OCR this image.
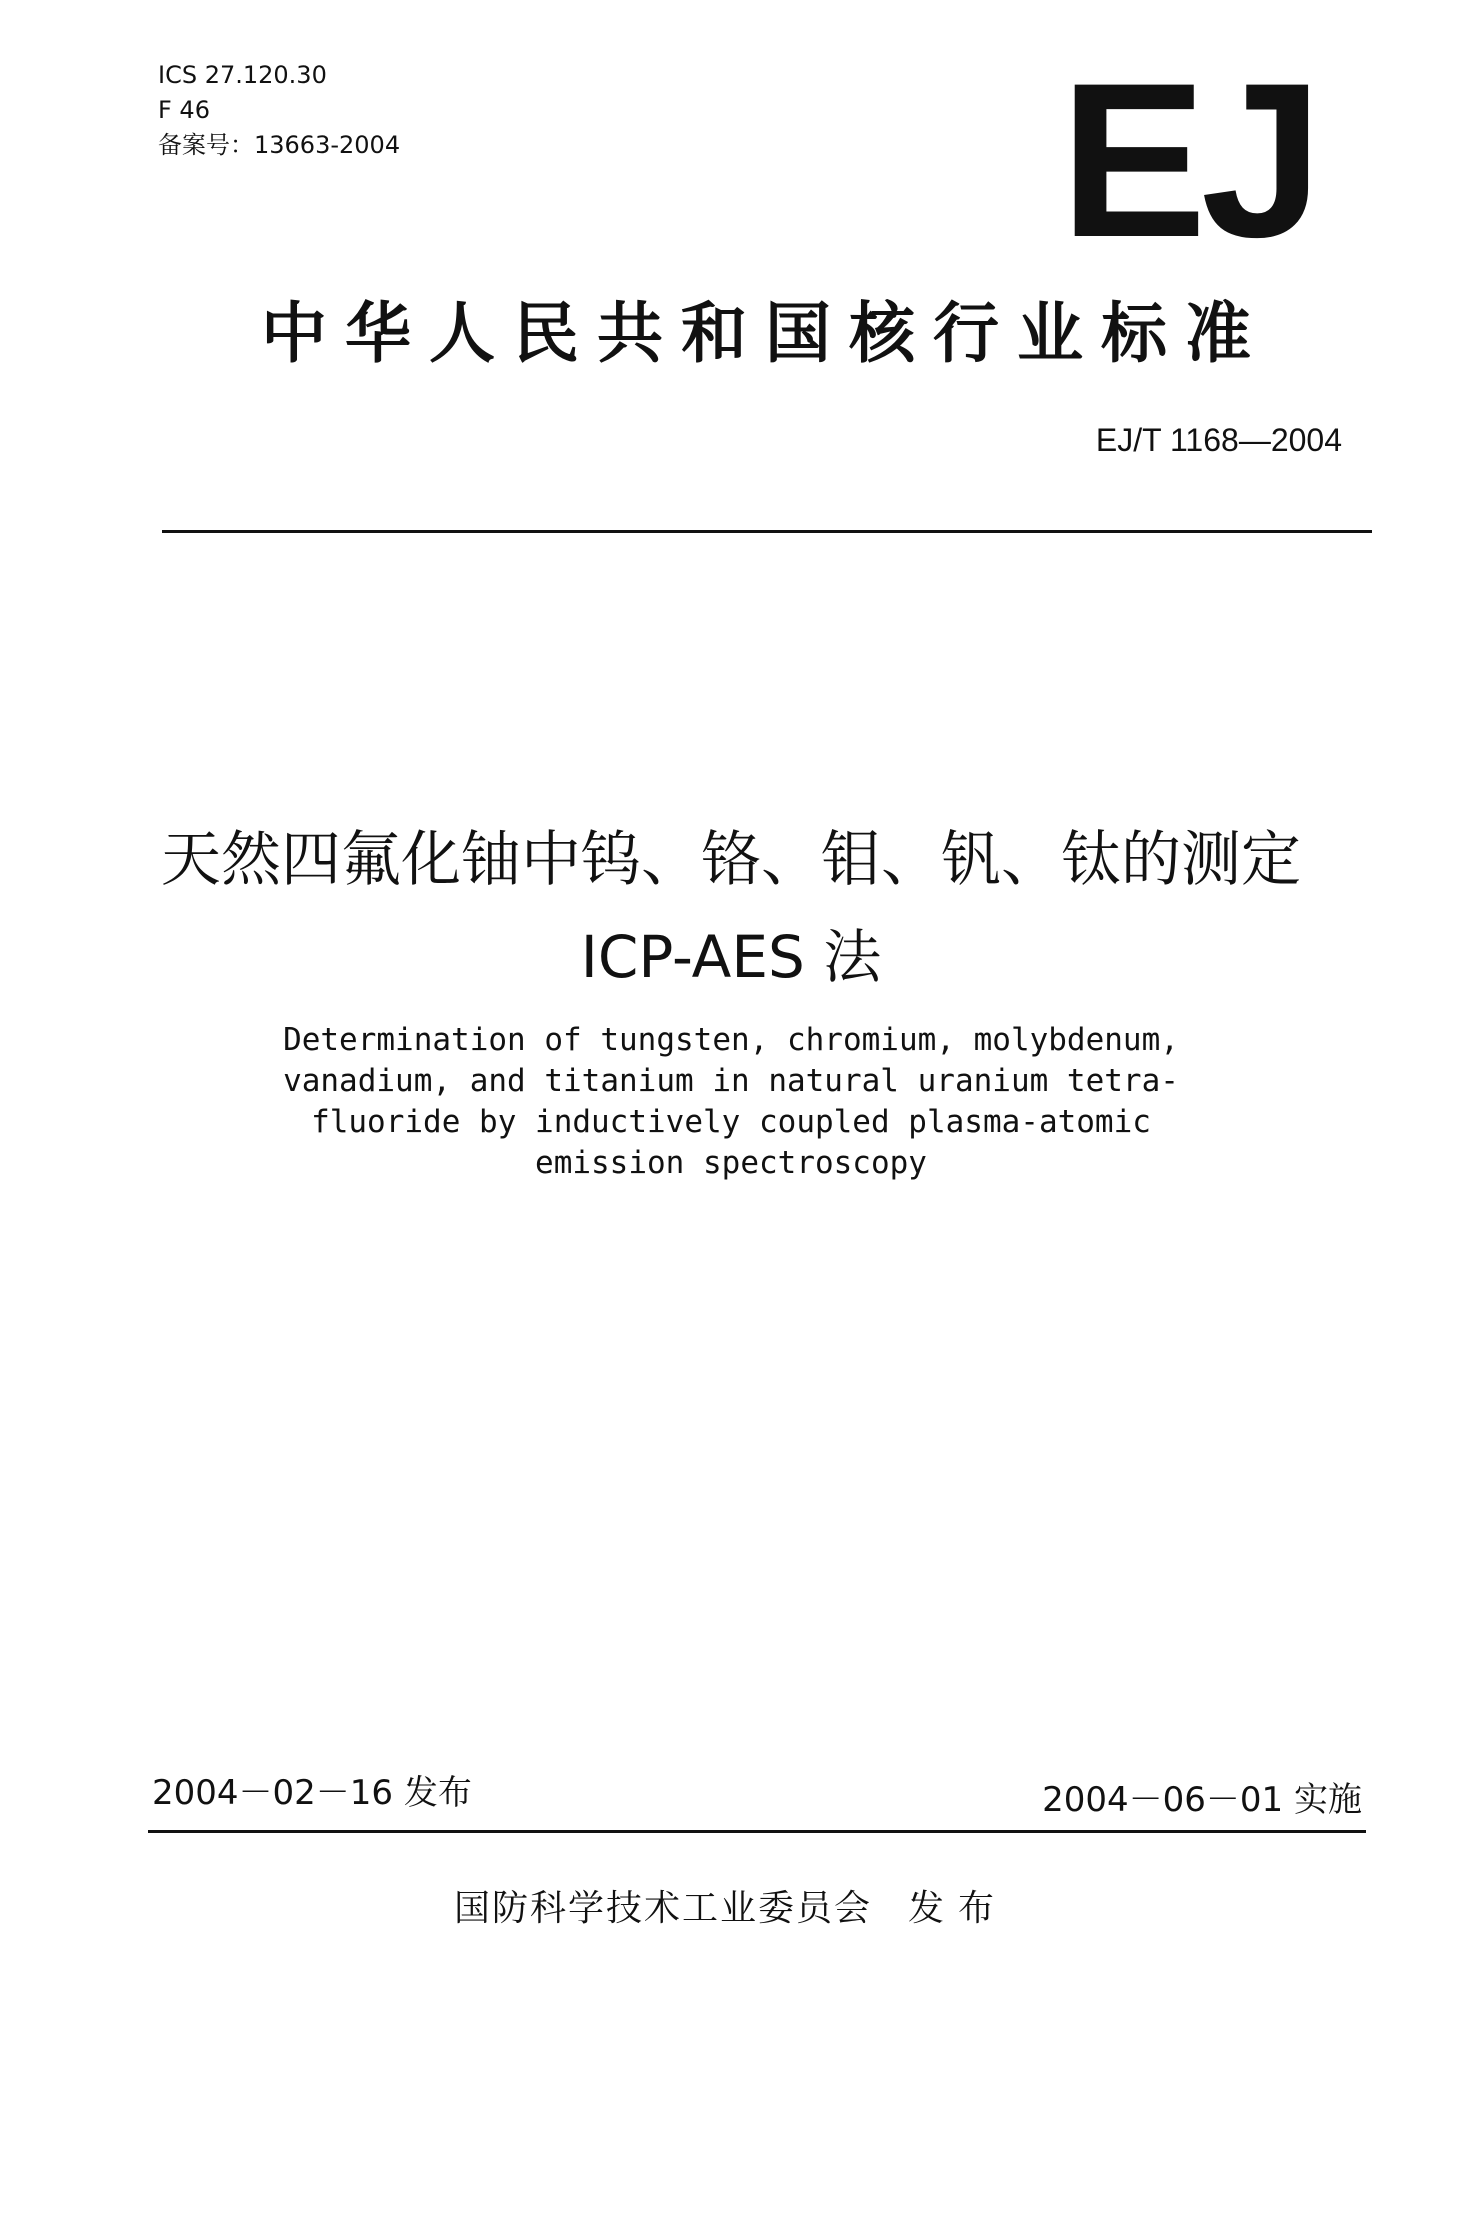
ICS 27.120.30
F 46
备案号：13663-2004	EJ
中华人民共和国核行业标准
EJ/T 1168—2004
天然四氟化铀中钨、铬、钼、钒、钛的测定
ICP-AES 法
Determination of tungsten, chromium, molybdenum,
vanadium, and titanium in natural uranium tetra-
fluoride by inductively coupled plasma-atomic
emission spectroscopy
2004－02－16 发布	2004－06－01 实施
国防科学技术工业委员会 发布
